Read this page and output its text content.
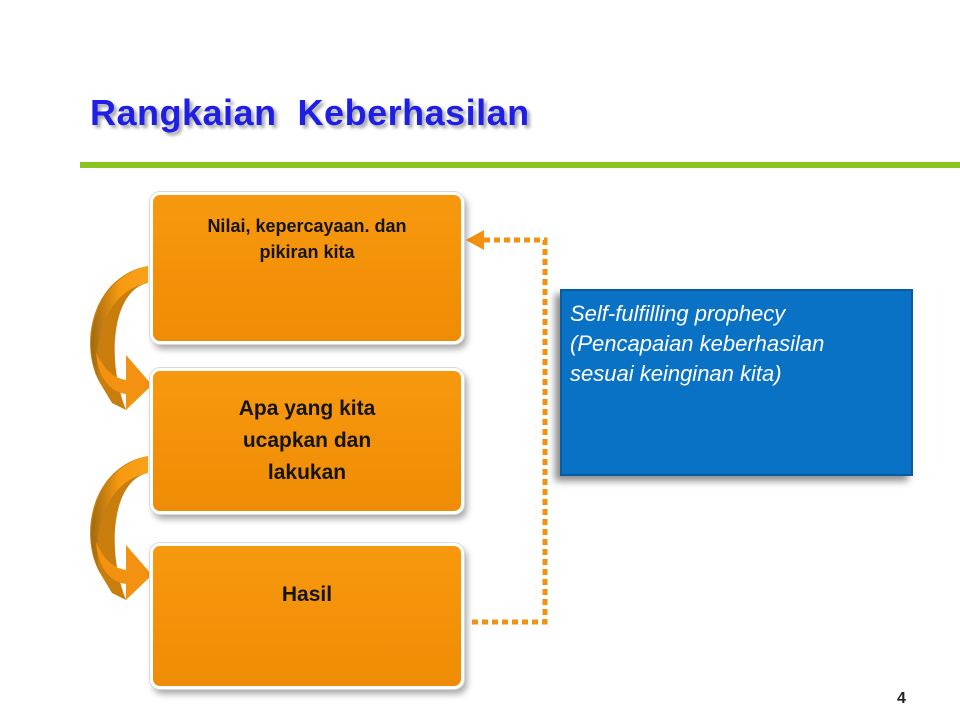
Rangkaian  Keberhasilan
Nilai, kepercayaan. dan pikiran kita
Apa yang kita ucapkan dan lakukan
Hasil
Self-fulfilling prophecy (Pencapaian keberhasilan sesuai keinginan kita)
4
